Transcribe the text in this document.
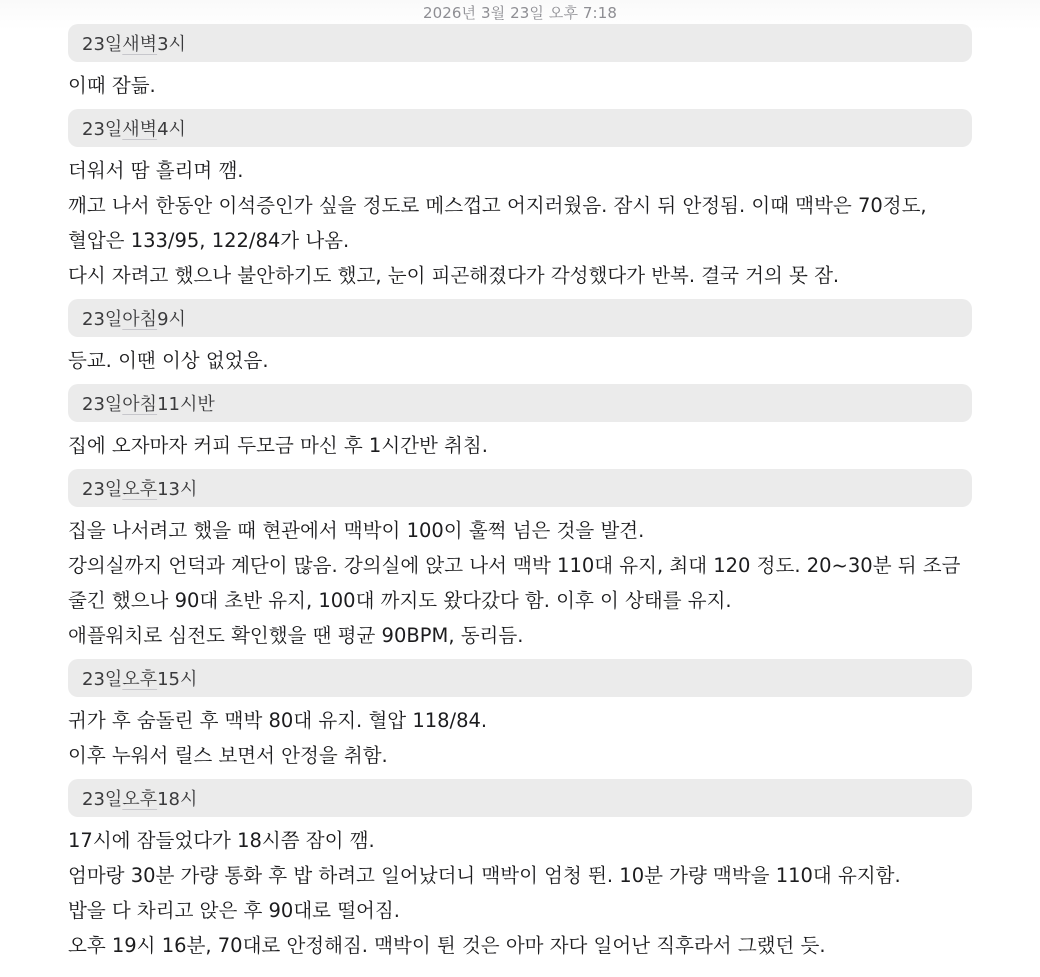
2026년 3월 23일 오후 7:18
23일 새벽 3시
이때 잠듦.
23일 새벽 4시
더워서 땀 흘리며 깸.
깨고 나서 한동안 이석증인가 싶을 정도로 메스껍고 어지러웠음. 잠시 뒤 안정됨. 이때 맥박은 70정도,
혈압은 133/95, 122/84가 나옴.
다시 자려고 했으나 불안하기도 했고, 눈이 피곤해졌다가 각성했다가 반복. 결국 거의 못 잠.
23일 아침 9시
등교. 이땐 이상 없었음.
23일 아침 11시반
집에 오자마자 커피 두모금 마신 후 1시간반 취침.
23일 오후 13시
집을 나서려고 했을 때 현관에서 맥박이 100이 훌쩍 넘은 것을 발견.
강의실까지 언덕과 계단이 많음. 강의실에 앉고 나서 맥박 110대 유지, 최대 120 정도. 20~30분 뒤 조금
줄긴 했으나 90대 초반 유지, 100대 까지도 왔다갔다 함. 이후 이 상태를 유지.
애플워치로 심전도 확인했을 땐 평균 90BPM, 동리듬.
23일 오후 15시
귀가 후 숨돌린 후 맥박 80대 유지. 혈압 118/84.
이후 누워서 릴스 보면서 안정을 취함.
23일 오후 18시
17시에 잠들었다가 18시쯤 잠이 깸.
엄마랑 30분 가량 통화 후 밥 하려고 일어났더니 맥박이 엄청 뛴. 10분 가량 맥박을 110대 유지함.
밥을 다 차리고 앉은 후 90대로 떨어짐.
오후 19시 16분, 70대로 안정해짐. 맥박이 튄 것은 아마 자다 일어난 직후라서 그랬던 듯.
